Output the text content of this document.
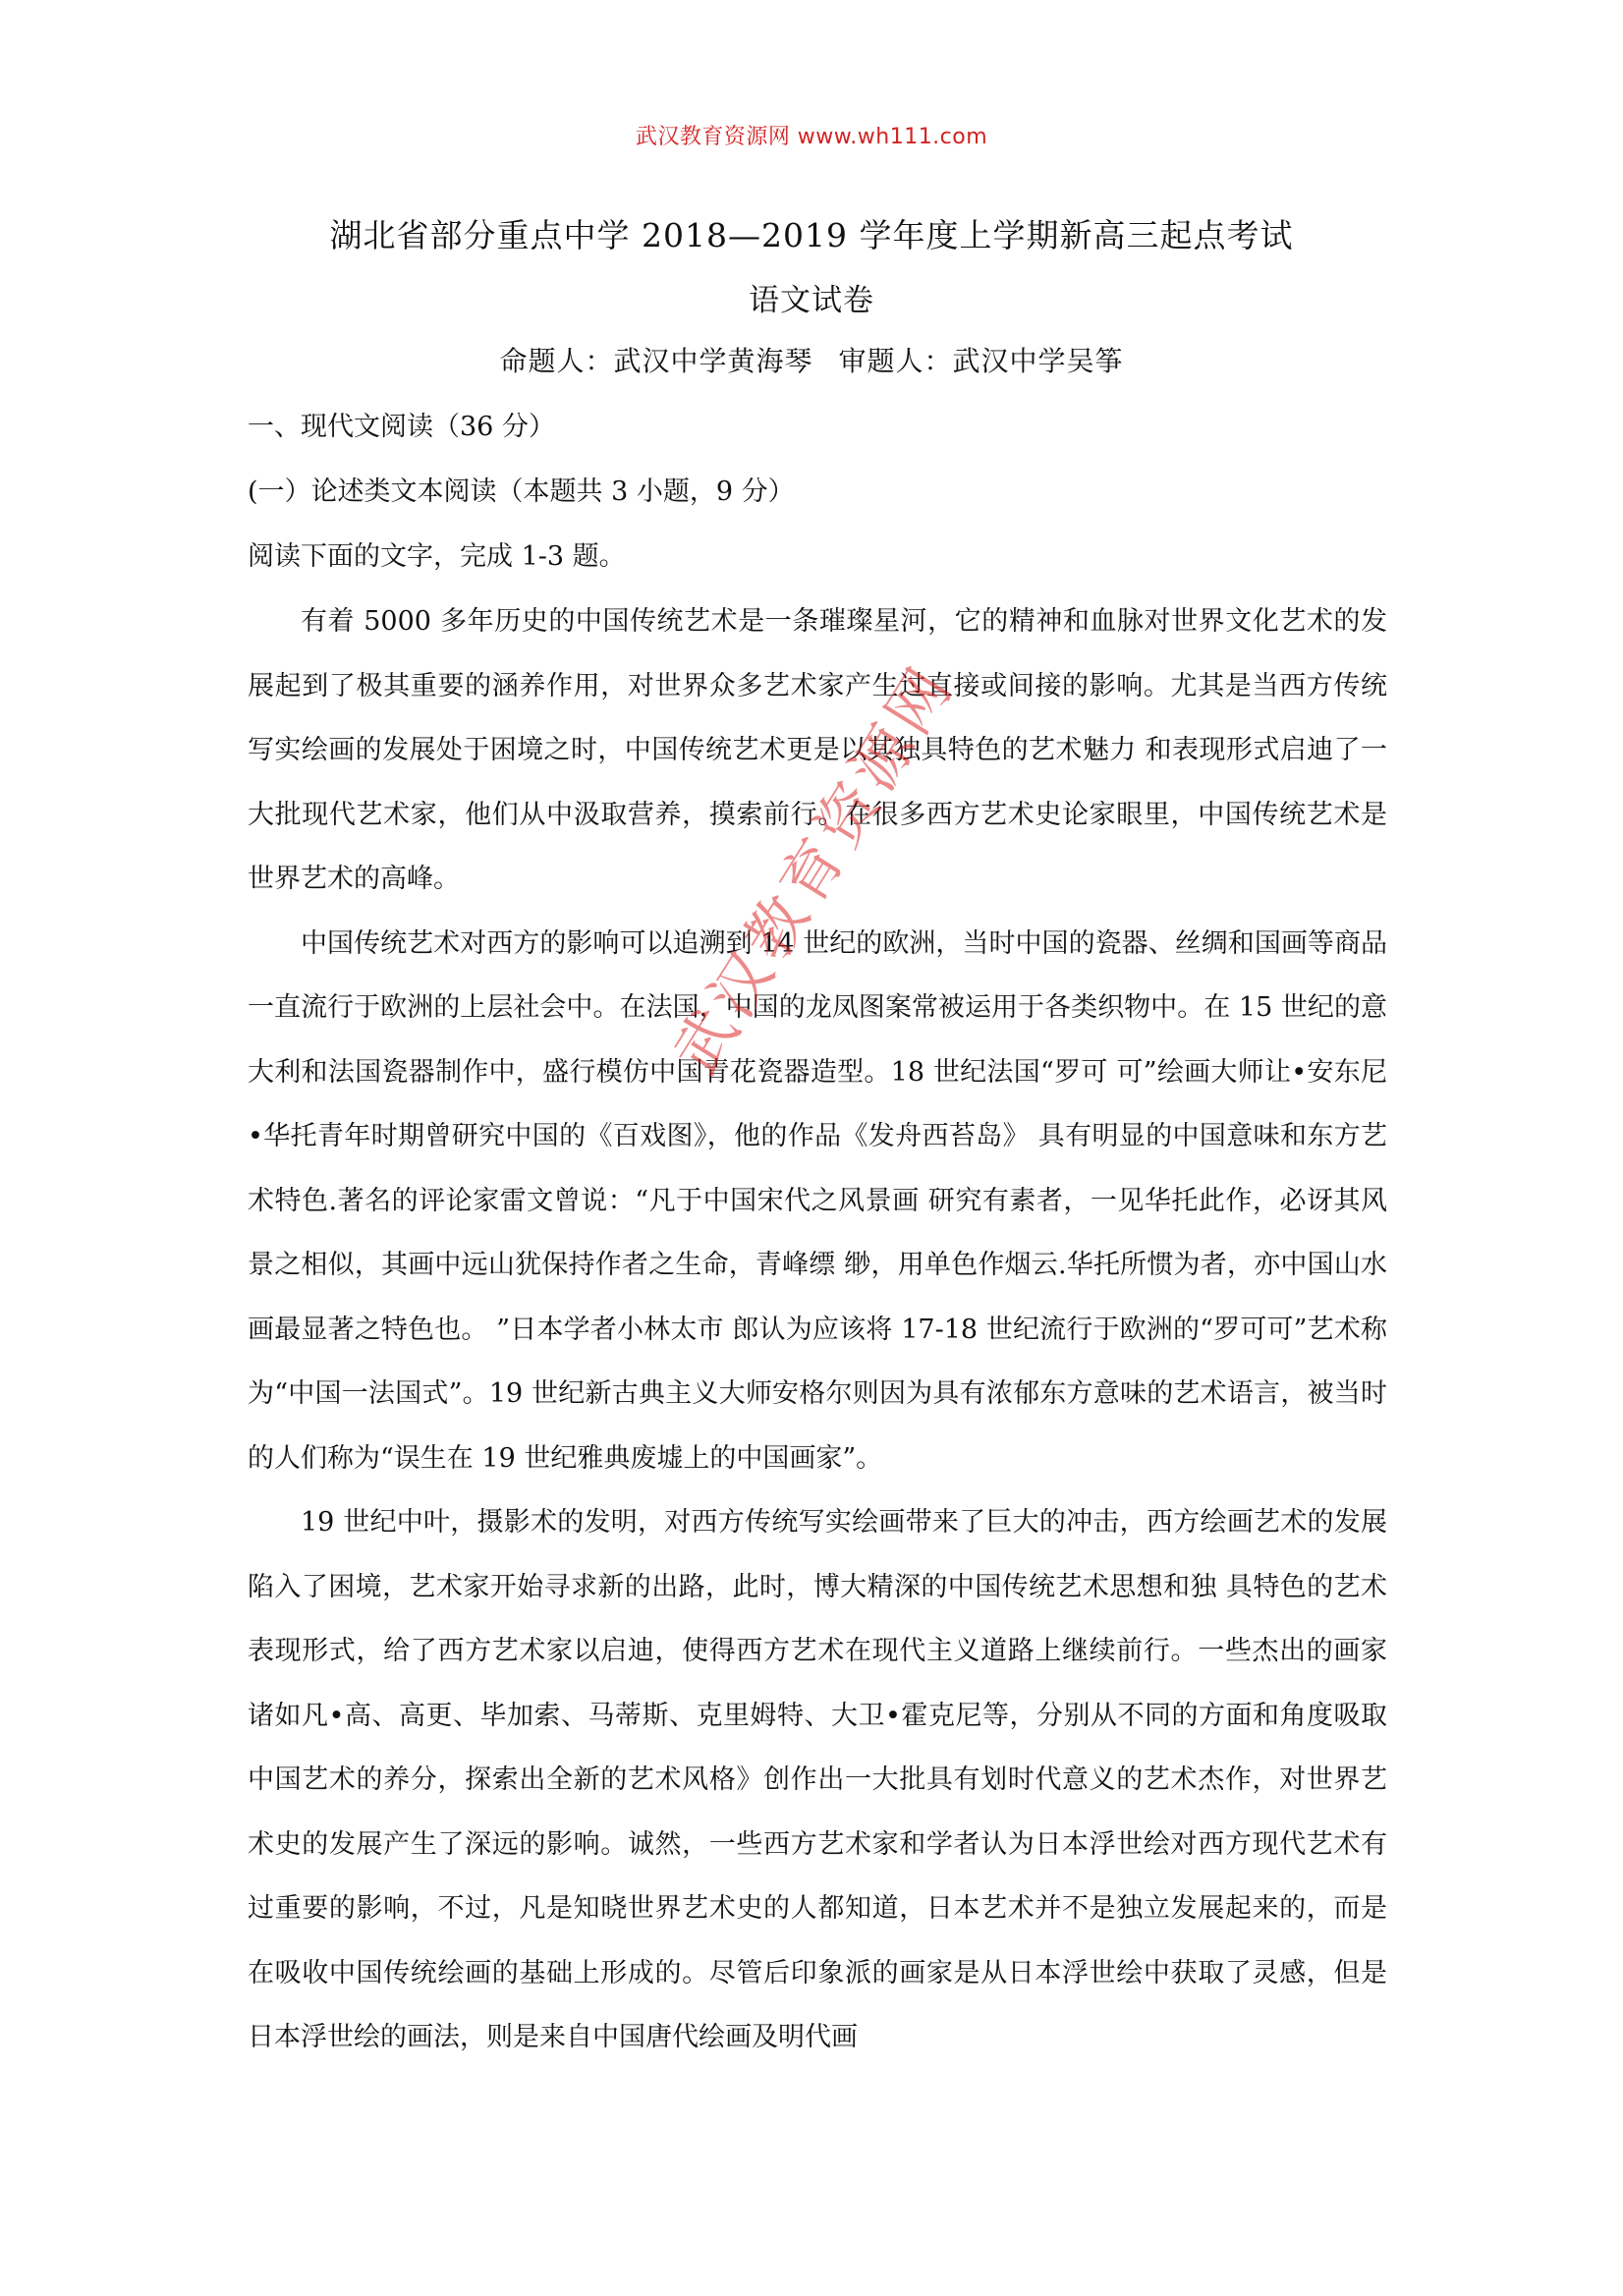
武汉教育资源网 www.wh111.com
湖北省部分重点中学 2018—2019 学年度上学期新高三起点考试
语文试卷
命题人：武汉中学黄海琴 审题人：武汉中学吴筝
一、现代文阅读（36 分）
(一）论述类文本阅读（本题共 3 小题，9 分）
阅读下面的文字，完成 1-3 题。

有着 5000 多年历史的中国传统艺术是一条璀璨星河，它的精神和血脉对世界文化艺术的发展起到了极其重要的涵养作用，对世界众多艺术家产生过直接或间接的影响。尤其是当西方传统写实绘画的发展处于困境之时，中国传统艺术更是以其独具特色的艺术魅力 和表现形式启迪了一大批现代艺术家，他们从中汲取营养，摸索前行。在很多西方艺术史论家眼里，中国传统艺术是世界艺术的高峰。

中国传统艺术对西方的影响可以追溯到 14 世纪的欧洲，当时中国的瓷器、丝绸和国画等商品一直流行于欧洲的上层社会中。在法国，中国的龙凤图案常被运用于各类织物中。在 15 世纪的意大利和法国瓷器制作中，盛行模仿中国青花瓷器造型。18 世纪法国“罗可 可”绘画大师让•安东尼•华托青年时期曾研究中国的《百戏图》，他的作品《发舟西苔岛》 具有明显的中国意味和东方艺术特色.著名的评论家雷文曾说：“凡于中国宋代之风景画 研究有素者，一见华托此作，必讶其风景之相似，其画中远山犹保持作者之生命，青峰缥 缈，用单色作烟云.华托所惯为者，亦中国山水画最显著之特色也。 ”日本学者小林太市 郎认为应该将 17-18 世纪流行于欧洲的“罗可可”艺术称为“中国一法国式”。19 世纪新古典主义大师安格尔则因为具有浓郁东方意味的艺术语言，被当时的人们称为“误生在 19 世纪雅典废墟上的中国画家”。

19 世纪中叶，摄影术的发明，对西方传统写实绘画带来了巨大的冲击，西方绘画艺术的发展陷入了困境，艺术家开始寻求新的出路，此时，博大精深的中国传统艺术思想和独 具特色的艺术表现形式，给了西方艺术家以启迪，使得西方艺术在现代主义道路上继续前行。一些杰出的画家诸如凡•高、高更、毕加索、马蒂斯、克里姆特、大卫•霍克尼等，分别从不同的方面和角度吸取中国艺术的养分，探索出全新的艺术风格》创作出一大批具有划时代意义的艺术杰作，对世界艺术史的发展产生了深远的影响。诚然，一些西方艺术家和学者认为日本浮世绘对西方现代艺术有过重要的影响，不过，凡是知晓世界艺术史的人都知道，日本艺术并不是独立发展起来的，而是在吸收中国传统绘画的基础上形成的。尽管后印象派的画家是从日本浮世绘中获取了灵感，但是日本浮世绘的画法，则是来自中国唐代绘画及明代画

武汉教育资源网
